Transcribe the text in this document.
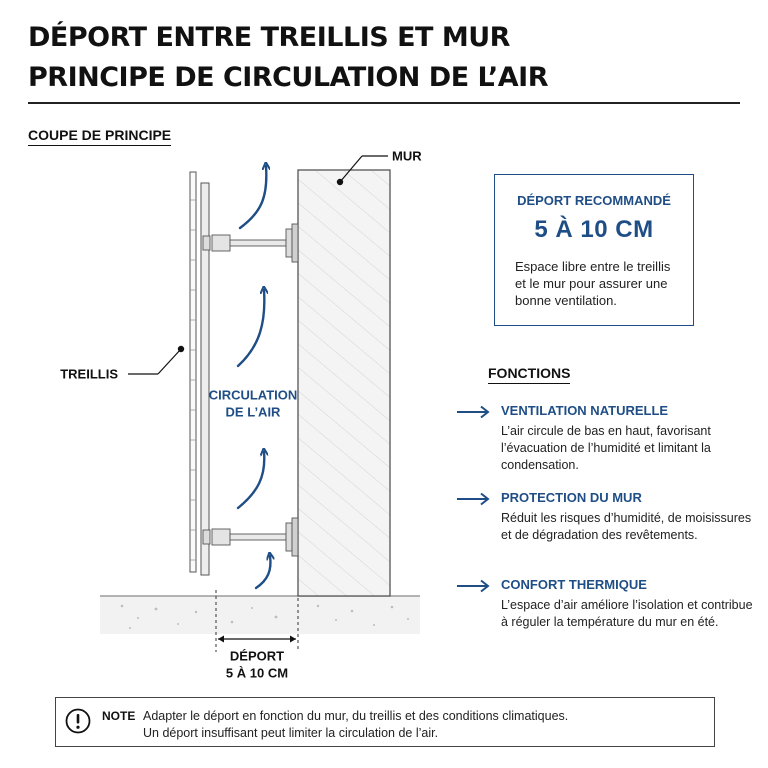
DÉPORT ENTRE TREILLIS ET MUR
PRINCIPE DE CIRCULATION DE L’AIR
COUPE DE PRINCIPE
MUR
TREILLIS
CIRCULATION
DE L’AIR
DÉPORT
5 À 10 CM
DÉPORT RECOMMANDÉ
5 À 10 CM
Espace libre entre le treillis et le mur pour assurer une bonne ventilation.
FONCTIONS
VENTILATION NATURELLE
L’air circule de bas en haut, favorisant l’évacuation de l’humidité et limitant la condensation.
PROTECTION DU MUR
Réduit les risques d’humidité, de moisissures et de dégradation des revêtements.
CONFORT THERMIQUE
L’espace d’air améliore l’isolation et contribue à réguler la température du mur en été.
NOTE Adapter le déport en fonction du mur, du treillis et des conditions climatiques.
Un déport insuffisant peut limiter la circulation de l’air.
